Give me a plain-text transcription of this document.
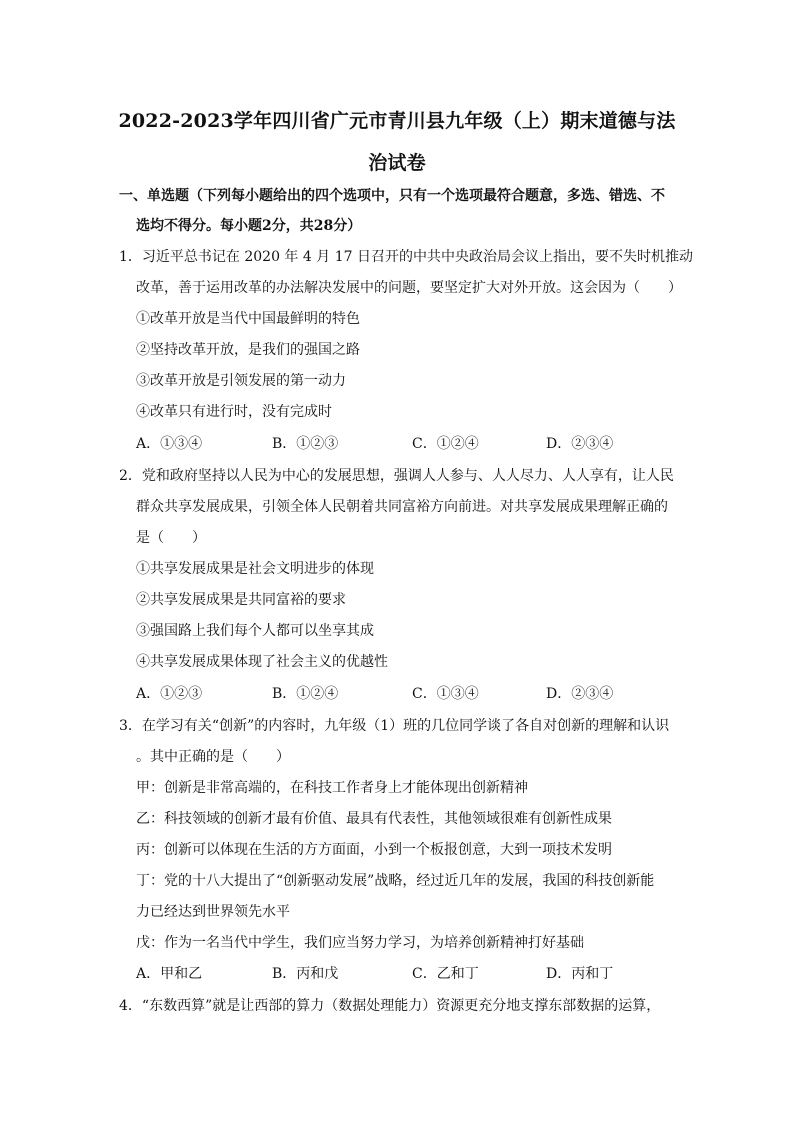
2022-2023学年四川省广元市青川县九年级（上）期末道德与法
治试卷
一、单选题（下列每小题给出的四个选项中，只有一个选项最符合题意，多选、错选、不
选均不得分。每小题2分，共28分）
1．习近平总书记在 2020 年 4 月 17 日召开的中共中央政治局会议上指出，要不失时机推动
改革，善于运用改革的办法解决发展中的问题，要坚定扩大对外开放。这会因为（　　）
①改革开放是当代中国最鲜明的特色
②坚持改革开放，是我们的强国之路
③改革开放是引领发展的第一动力
④改革只有进行时，没有完成时
A．①③④	B．①②③	C．①②④	D．②③④
2．党和政府坚持以人民为中心的发展思想，强调人人参与、人人尽力、人人享有，让人民
群众共享发展成果，引领全体人民朝着共同富裕方向前进。对共享发展成果理解正确的
是（　　）
①共享发展成果是社会文明进步的体现
②共享发展成果是共同富裕的要求
③强国路上我们每个人都可以坐享其成
④共享发展成果体现了社会主义的优越性
A．①②③	B．①②④	C．①③④	D．②③④
3．在学习有关“创新”的内容时，九年级（1）班的几位同学谈了各自对创新的理解和认识
。其中正确的是（　　）
甲：创新是非常高端的，在科技工作者身上才能体现出创新精神
乙：科技领域的创新才最有价值、最具有代表性，其他领域很难有创新性成果
丙：创新可以体现在生活的方方面面，小到一个板报创意，大到一项技术发明
丁：党的十八大提出了“创新驱动发展”战略，经过近几年的发展，我国的科技创新能
力已经达到世界领先水平
戊：作为一名当代中学生，我们应当努力学习，为培养创新精神打好基础
A．甲和乙	B．丙和戊	C．乙和丁	D．丙和丁
4．“东数西算”就是让西部的算力（数据处理能力）资源更充分地支撑东部数据的运算，
